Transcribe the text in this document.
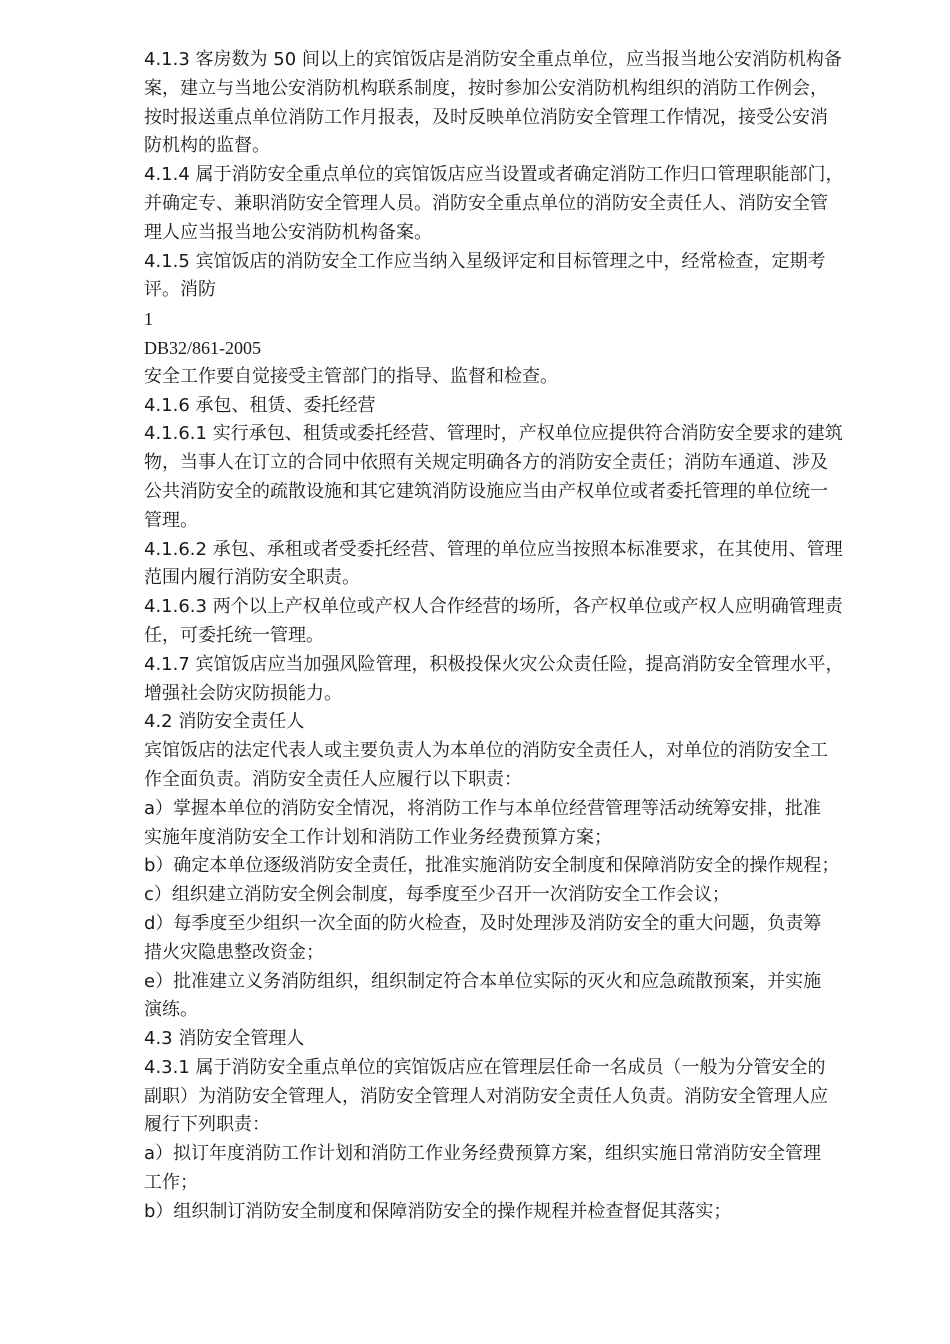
4.1.3 客房数为 50 间以上的宾馆饭店是消防安全重点单位，应当报当地公安消防机构备

案，建立与当地公安消防机构联系制度，按时参加公安消防机构组织的消防工作例会，

按时报送重点单位消防工作月报表，及时反映单位消防安全管理工作情况，接受公安消

防机构的监督。

4.1.4 属于消防安全重点单位的宾馆饭店应当设置或者确定消防工作归口管理职能部门，

并确定专、兼职消防安全管理人员。消防安全重点单位的消防安全责任人、消防安全管

理人应当报当地公安消防机构备案。

4.1.5 宾馆饭店的消防安全工作应当纳入星级评定和目标管理之中，经常检查，定期考

评。消防

1

DB32/861-2005

安全工作要自觉接受主管部门的指导、监督和检查。

4.1.6 承包、租赁、委托经营

4.1.6.1 实行承包、租赁或委托经营、管理时，产权单位应提供符合消防安全要求的建筑

物，当事人在订立的合同中依照有关规定明确各方的消防安全责任；消防车通道、涉及

公共消防安全的疏散设施和其它建筑消防设施应当由产权单位或者委托管理的单位统一

管理。

4.1.6.2 承包、承租或者受委托经营、管理的单位应当按照本标准要求，在其使用、管理

范围内履行消防安全职责。

4.1.6.3 两个以上产权单位或产权人合作经营的场所，各产权单位或产权人应明确管理责

任，可委托统一管理。

4.1.7 宾馆饭店应当加强风险管理，积极投保火灾公众责任险，提高消防安全管理水平，

增强社会防灾防损能力。

4.2 消防安全责任人

宾馆饭店的法定代表人或主要负责人为本单位的消防安全责任人，对单位的消防安全工

作全面负责。消防安全责任人应履行以下职责：

a）掌握本单位的消防安全情况，将消防工作与本单位经营管理等活动统筹安排，批准

实施年度消防安全工作计划和消防工作业务经费预算方案；

b）确定本单位逐级消防安全责任，批准实施消防安全制度和保障消防安全的操作规程；

c）组织建立消防安全例会制度，每季度至少召开一次消防安全工作会议；

d）每季度至少组织一次全面的防火检查，及时处理涉及消防安全的重大问题，负责筹

措火灾隐患整改资金；

e）批准建立义务消防组织，组织制定符合本单位实际的灭火和应急疏散预案，并实施

演练。

4.3 消防安全管理人

4.3.1 属于消防安全重点单位的宾馆饭店应在管理层任命一名成员（一般为分管安全的

副职）为消防安全管理人，消防安全管理人对消防安全责任人负责。消防安全管理人应

履行下列职责：

a）拟订年度消防工作计划和消防工作业务经费预算方案，组织实施日常消防安全管理

工作；

b）组织制订消防安全制度和保障消防安全的操作规程并检查督促其落实；
